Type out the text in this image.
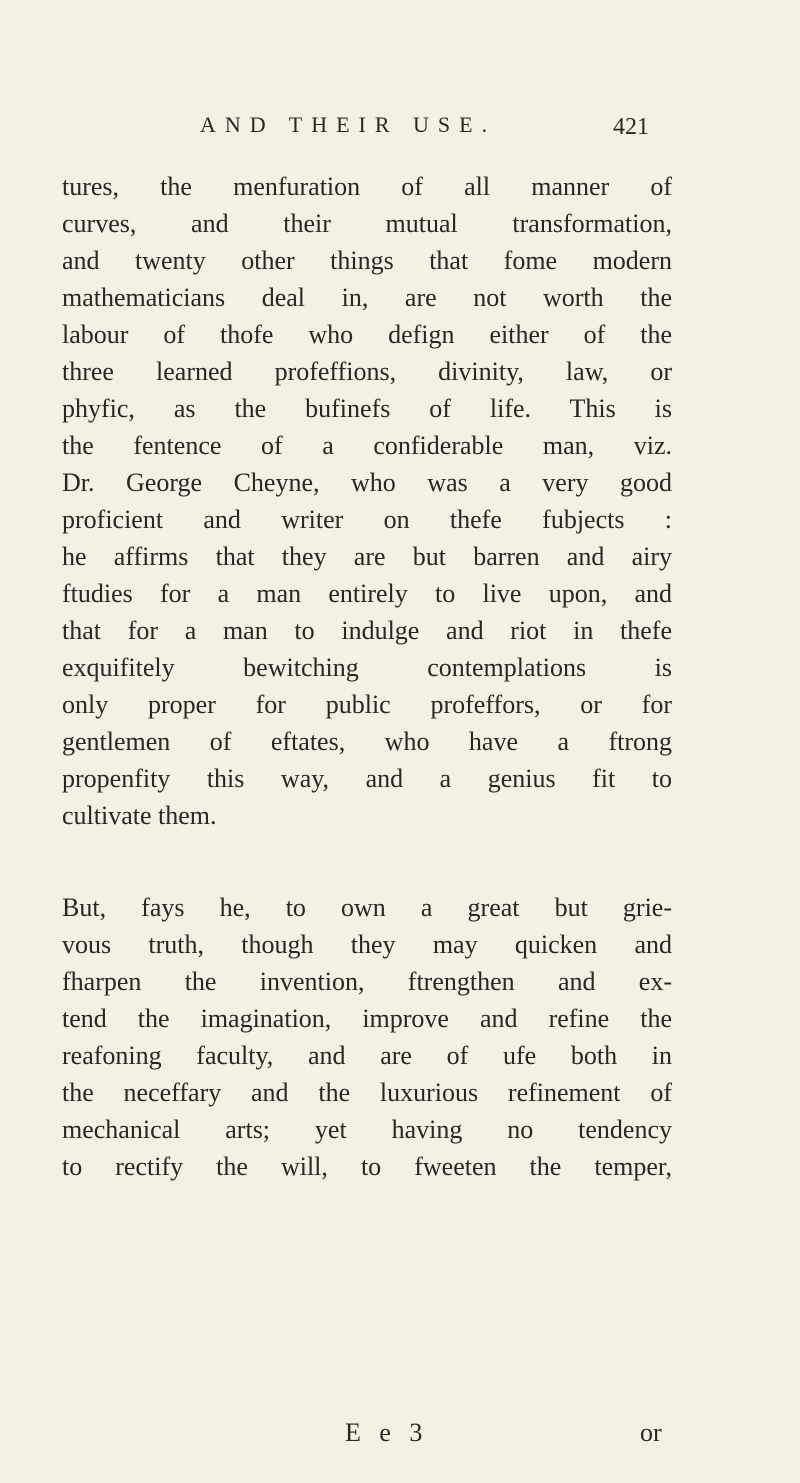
AND THEIR USE.	421
tures, the menfuration of all manner of
curves, and their mutual transformation,
and twenty other things that fome modern
mathematicians deal in, are not worth the
labour of thofe who defign either of the
three learned profeffions, divinity, law, or
phyfic, as the bufinefs of life. This is
the fentence of a confiderable man, viz.
Dr. George Cheyne, who was a very good
proficient and writer on thefe fubjects :
he affirms that they are but barren and airy
ftudies for a man entirely to live upon, and
that for a man to indulge and riot in thefe
exquifitely bewitching contemplations is
only proper for public profeffors, or for
gentlemen of eftates, who have a ftrong
propenfity this way, and a genius fit to
cultivate them.
But, fays he, to own a great but grie-
vous truth, though they may quicken and
fharpen the invention, ftrengthen and ex-
tend the imagination, improve and refine the
reafoning faculty, and are of ufe both in
the neceffary and the luxurious refinement of
mechanical arts; yet having no tendency
to rectify the will, to fweeten the temper,
E e 3	or
